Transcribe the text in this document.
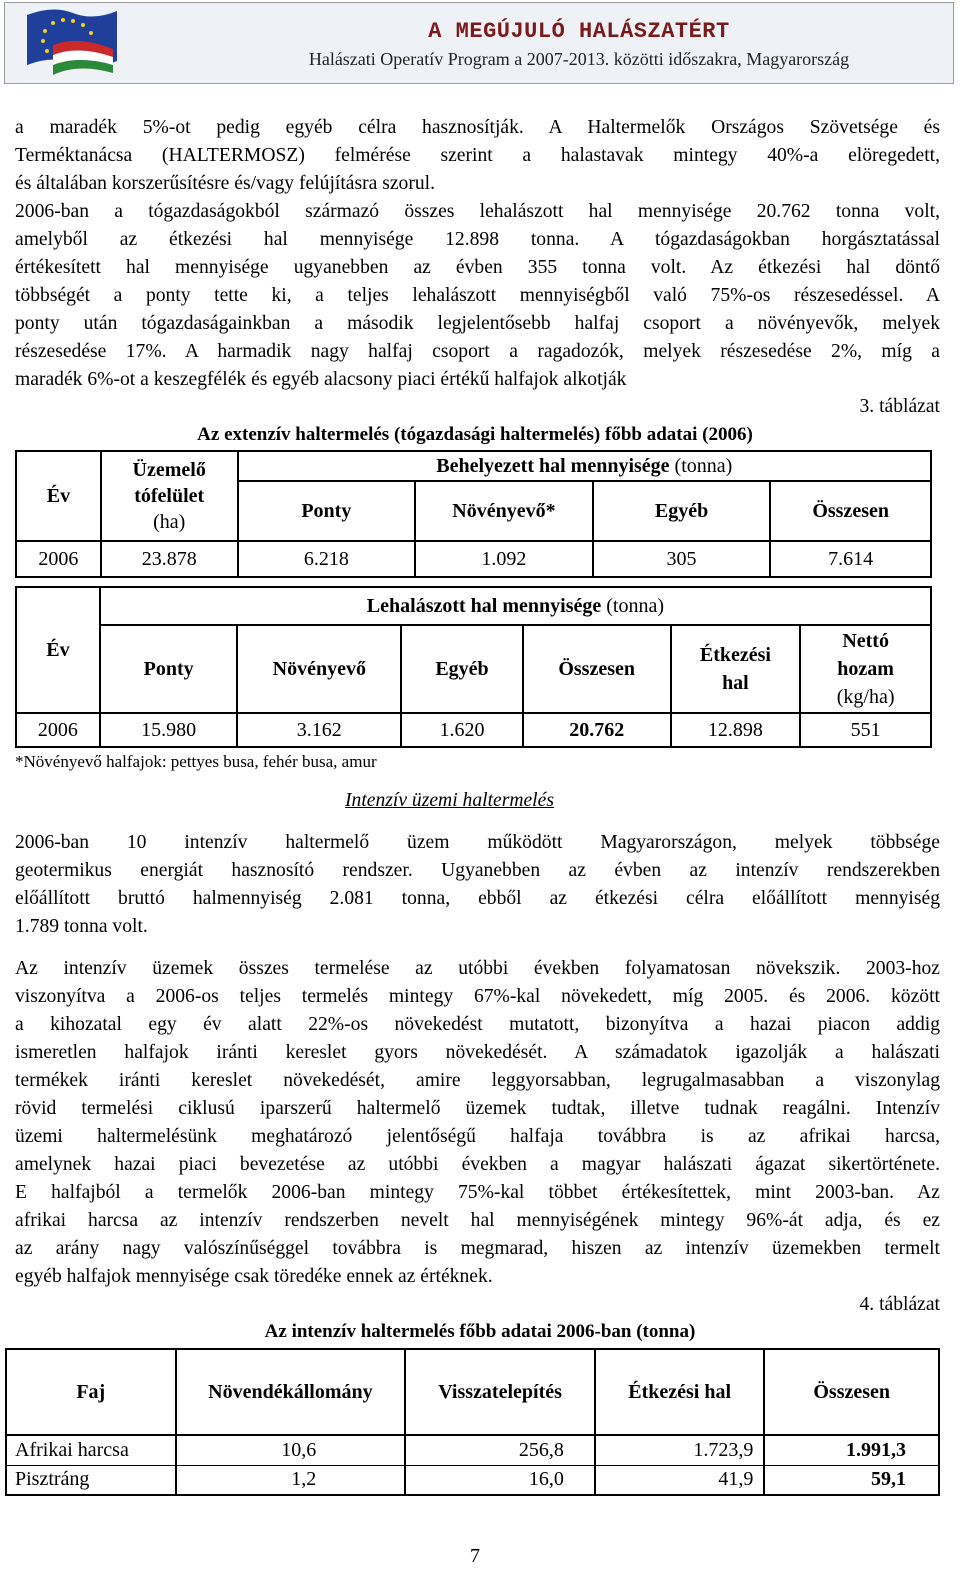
A MEGÚJULÓ HALÁSZATÉRT
Halászati Operatív Program a 2007-2013. közötti időszakra, Magyarország
a maradék 5%-ot pedig egyéb célra hasznosítják. A Haltermelők Országos Szövetsége és
Terméktanácsa (HALTERMOSZ) felmérése szerint a halastavak mintegy 40%-a elöregedett,
és általában korszerűsítésre és/vagy felújításra szorul.
2006-ban a tógazdaságokból származó összes lehalászott hal mennyisége 20.762 tonna volt,
amelyből az étkezési hal mennyisége 12.898 tonna. A tógazdaságokban horgásztatással
értékesített hal mennyisége ugyanebben az évben 355 tonna volt. Az étkezési hal döntő
többségét a ponty tette ki, a teljes lehalászott mennyiségből való 75%-os részesedéssel. A
ponty után tógazdaságainkban a második legjelentősebb halfaj csoport a növényevők, melyek
részesedése 17%. A harmadik nagy halfaj csoport a ragadozók, melyek részesedése 2%, míg a
maradék 6%-ot a keszegfélék és egyéb alacsony piaci értékű halfajok alkotják
3. táblázat
Az extenzív haltermelés (tógazdasági haltermelés) főbb adatai (2006)
Év	Üzemelő
tófelület
(ha)	Behelyezett hal mennyisége (tonna)			
		Ponty	Növényevő*	Egyéb	Összesen
2006	23.878	6.218	1.092	305	7.614
Év	Lehalászott hal mennyisége (tonna)					
	Ponty	Növényevő	Egyéb	Összesen	Étkezési
hal	Nettó
hozam
(kg/ha)
2006	15.980	3.162	1.620	20.762	12.898	551
*Növényevő halfajok: pettyes busa, fehér busa, amur
Intenzív üzemi haltermelés
2006-ban 10 intenzív haltermelő üzem működött Magyarországon, melyek többsége
geotermikus energiát hasznosító rendszer. Ugyanebben az évben az intenzív rendszerekben
előállított bruttó halmennyiség 2.081 tonna, ebből az étkezési célra előállított mennyiség
1.789 tonna volt.
Az intenzív üzemek összes termelése az utóbbi években folyamatosan növekszik. 2003-hoz
viszonyítva a 2006-os teljes termelés mintegy 67%-kal növekedett, míg 2005. és 2006. között
a kihozatal egy év alatt 22%-os növekedést mutatott, bizonyítva a hazai piacon addig
ismeretlen halfajok iránti kereslet gyors növekedését. A számadatok igazolják a halászati
termékek iránti kereslet növekedését, amire leggyorsabban, legrugalmasabban a viszonylag
rövid termelési ciklusú iparszerű haltermelő üzemek tudtak, illetve tudnak reagálni. Intenzív
üzemi haltermelésünk meghatározó jelentőségű halfaja továbbra is az afrikai harcsa,
amelynek hazai piaci bevezetése az utóbbi években a magyar halászati ágazat sikertörténete.
E halfajból a termelők 2006-ban mintegy 75%-kal többet értékesítettek, mint 2003-ban. Az
afrikai harcsa az intenzív rendszerben nevelt hal mennyiségének mintegy 96%-át adja, és ez
az arány nagy valószínűséggel továbbra is megmarad, hiszen az intenzív üzemekben termelt
egyéb halfajok mennyisége csak töredéke ennek az értéknek.
4. táblázat
Az intenzív haltermelés főbb adatai 2006-ban (tonna)
Faj	Növendékállomány	Visszatelepítés	Étkezési hal	Összesen
Afrikai harcsa	10,6	256,8	1.723,9	1.991,3
Pisztráng	1,2	16,0	41,9	59,1
7
